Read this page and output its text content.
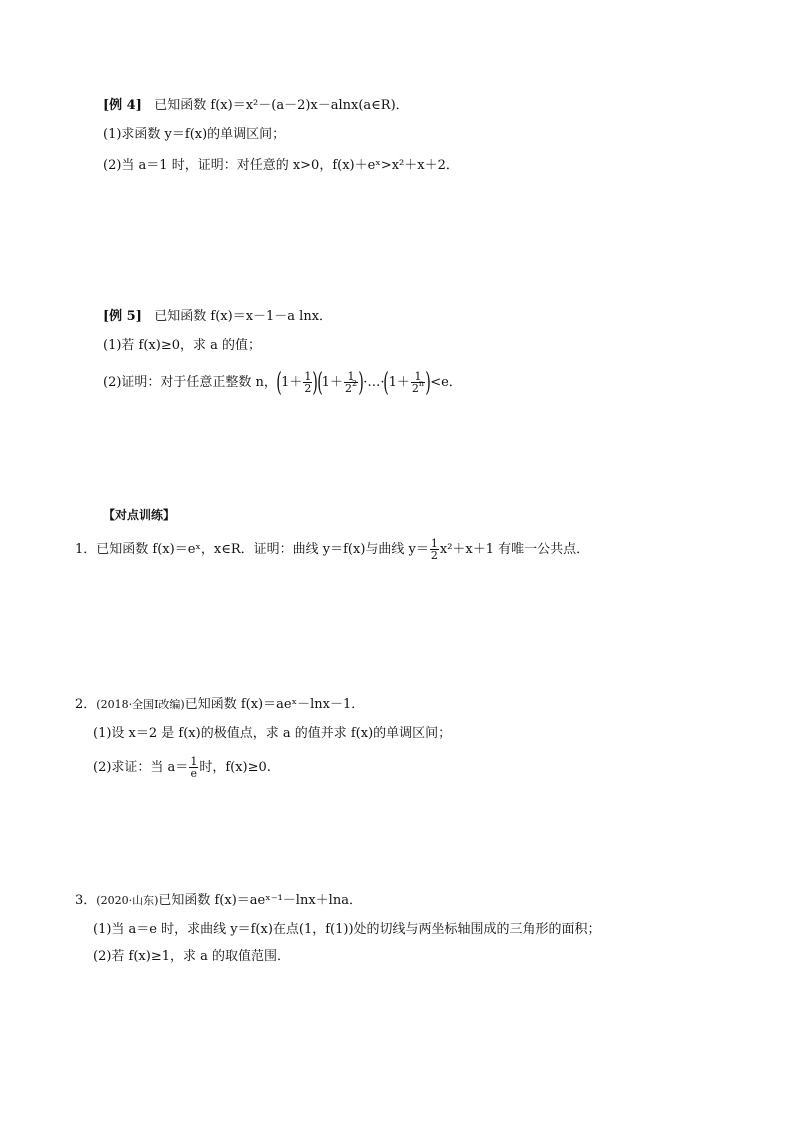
[例 4] 已知函数 f(x)＝x²－(a－2)x－alnx(a∈R)．
(1)求函数 y＝f(x)的单调区间；
(2)当 a＝1 时，证明：对任意的 x>0，f(x)＋eˣ>x²＋x＋2．
[例 5] 已知函数 f(x)＝x－1－a lnx．
(1)若 f(x)≥0，求 a 的值；
(2)证明：对于任意正整数 n，$(1+ \frac{1}{2} )(1+ \frac{1}{2^2}$ )·…·(1＋ $\frac{1}{2^n} )<e$．
【对点训练】
1．已知函数 f(x)＝eˣ，x∈R．证明：曲线 y＝f(x)与曲线 $y= \frac{1}{2} x^2+x+1$ 有唯一公共点．
2．(2018·全国Ⅰ改编)已知函数 f(x)＝aeˣ－lnx－1．
(1)设 x＝2 是 f(x)的极值点，求 a 的值并求 f(x)的单调区间；
(2)求证：当 $a= \frac{1}{e}$ 时，f(x)≥0.
3．(2020·山东)已知函数 f(x)＝aeˣ⁻¹－lnx＋lna．
(1)当 a＝e 时，求曲线 y＝f(x)在点(1，f(1))处的切线与两坐标轴围成的三角形的面积；
(2)若 f(x)≥1，求 a 的取值范围．
